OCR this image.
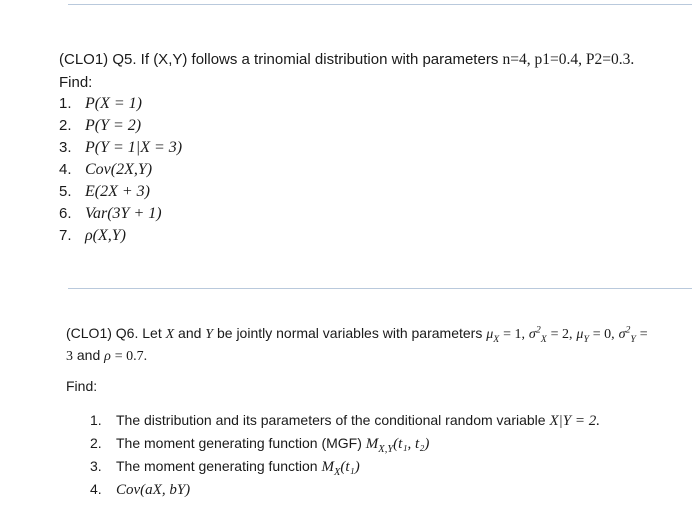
(CLO1) Q5. If (X,Y) follows a trinomial distribution with parameters n=4, p1=0.4, P2=0.3.
Find:
1. P(X = 1)
2. P(Y = 2)
3. P(Y = 1|X = 3)
4. Cov(2X,Y)
5. E(2X + 3)
6. Var(3Y + 1)
7. ρ(X,Y)
(CLO1) Q6. Let X and Y be jointly normal variables with parameters $\mu_X = 1$, $\sigma^2_X = 2$, $\mu_Y = 0$, $\sigma^2_Y$ =
3 and ρ = 0.7.
Find:
1. The distribution and its parameters of the conditional random variable X|Y = 2.
2. The moment generating function (MGF) $M_{X,Y}(t_1$, t₂)
3. The moment generating function $M_X(t_1)$
4. Cov(aX, bY)
